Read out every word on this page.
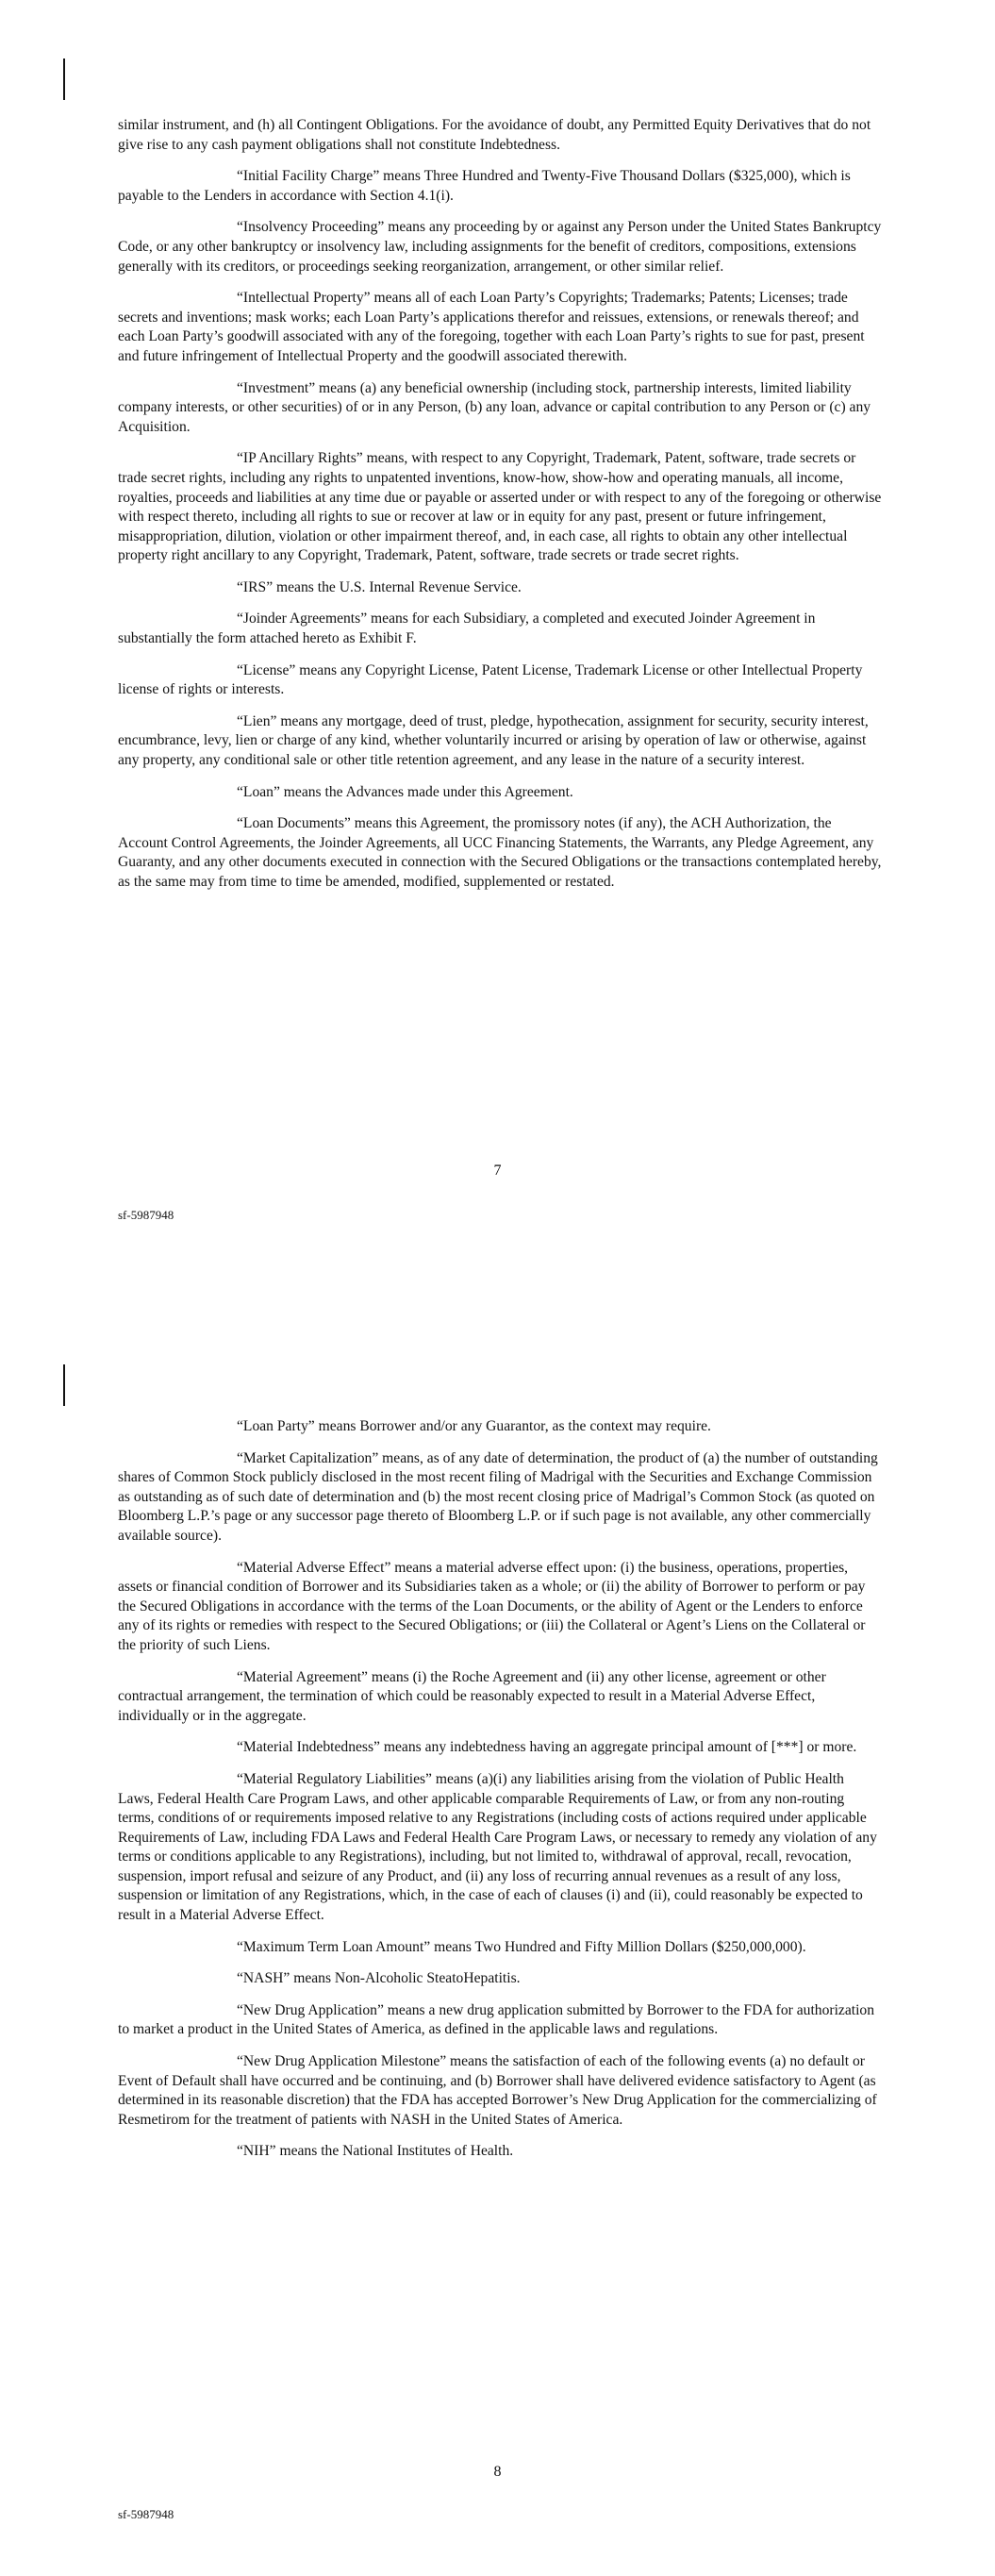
similar instrument, and (h) all Contingent Obligations. For the avoidance of doubt, any Permitted Equity Derivatives that do not give rise to any cash payment obligations shall not constitute Indebtedness.

“Initial Facility Charge” means Three Hundred and Twenty-Five Thousand Dollars ($325,000), which is payable to the Lenders in accordance with Section 4.1(i).

“Insolvency Proceeding” means any proceeding by or against any Person under the United States Bankruptcy Code, or any other bankruptcy or insolvency law, including assignments for the benefit of creditors, compositions, extensions generally with its creditors, or proceedings seeking reorganization, arrangement, or other similar relief.

“Intellectual Property” means all of each Loan Party’s Copyrights; Trademarks; Patents; Licenses; trade secrets and inventions; mask works; each Loan Party’s applications therefor and reissues, extensions, or renewals thereof; and each Loan Party’s goodwill associated with any of the foregoing, together with each Loan Party’s rights to sue for past, present and future infringement of Intellectual Property and the goodwill associated therewith.

“Investment” means (a) any beneficial ownership (including stock, partnership interests, limited liability company interests, or other securities) of or in any Person, (b) any loan, advance or capital contribution to any Person or (c) any Acquisition.

“IP Ancillary Rights” means, with respect to any Copyright, Trademark, Patent, software, trade secrets or trade secret rights, including any rights to unpatented inventions, know-how, show-how and operating manuals, all income, royalties, proceeds and liabilities at any time due or payable or asserted under or with respect to any of the foregoing or otherwise with respect thereto, including all rights to sue or recover at law or in equity for any past, present or future infringement, misappropriation, dilution, violation or other impairment thereof, and, in each case, all rights to obtain any other intellectual property right ancillary to any Copyright, Trademark, Patent, software, trade secrets or trade secret rights.

“IRS” means the U.S. Internal Revenue Service.

“Joinder Agreements” means for each Subsidiary, a completed and executed Joinder Agreement in substantially the form attached hereto as Exhibit F.

“License” means any Copyright License, Patent License, Trademark License or other Intellectual Property license of rights or interests.

“Lien” means any mortgage, deed of trust, pledge, hypothecation, assignment for security, security interest, encumbrance, levy, lien or charge of any kind, whether voluntarily incurred or arising by operation of law or otherwise, against any property, any conditional sale or other title retention agreement, and any lease in the nature of a security interest.

“Loan” means the Advances made under this Agreement.

“Loan Documents” means this Agreement, the promissory notes (if any), the ACH Authorization, the Account Control Agreements, the Joinder Agreements, all UCC Financing Statements, the Warrants, any Pledge Agreement, any Guaranty, and any other documents executed in connection with the Secured Obligations or the transactions contemplated hereby, as the same may from time to time be amended, modified, supplemented or restated.

7
sf-5987948

“Loan Party” means Borrower and/or any Guarantor, as the context may require.

“Market Capitalization” means, as of any date of determination, the product of (a) the number of outstanding shares of Common Stock publicly disclosed in the most recent filing of Madrigal with the Securities and Exchange Commission as outstanding as of such date of determination and (b) the most recent closing price of Madrigal’s Common Stock (as quoted on Bloomberg L.P.’s page or any successor page thereto of Bloomberg L.P. or if such page is not available, any other commercially available source).

“Material Adverse Effect” means a material adverse effect upon: (i) the business, operations, properties, assets or financial condition of Borrower and its Subsidiaries taken as a whole; or (ii) the ability of Borrower to perform or pay the Secured Obligations in accordance with the terms of the Loan Documents, or the ability of Agent or the Lenders to enforce any of its rights or remedies with respect to the Secured Obligations; or (iii) the Collateral or Agent’s Liens on the Collateral or the priority of such Liens.

“Material Agreement” means (i) the Roche Agreement and (ii) any other license, agreement or other contractual arrangement, the termination of which could be reasonably expected to result in a Material Adverse Effect, individually or in the aggregate.

“Material Indebtedness” means any indebtedness having an aggregate principal amount of [***] or more.

“Material Regulatory Liabilities” means (a)(i) any liabilities arising from the violation of Public Health Laws, Federal Health Care Program Laws, and other applicable comparable Requirements of Law, or from any non-routing terms, conditions of or requirements imposed relative to any Registrations (including costs of actions required under applicable Requirements of Law, including FDA Laws and Federal Health Care Program Laws, or necessary to remedy any violation of any terms or conditions applicable to any Registrations), including, but not limited to, withdrawal of approval, recall, revocation, suspension, import refusal and seizure of any Product, and (ii) any loss of recurring annual revenues as a result of any loss, suspension or limitation of any Registrations, which, in the case of each of clauses (i) and (ii), could reasonably be expected to result in a Material Adverse Effect.

“Maximum Term Loan Amount” means Two Hundred and Fifty Million Dollars ($250,000,000).

“NASH” means Non-Alcoholic SteatoHepatitis.

“New Drug Application” means a new drug application submitted by Borrower to the FDA for authorization to market a product in the United States of America, as defined in the applicable laws and regulations.

“New Drug Application Milestone” means the satisfaction of each of the following events (a) no default or Event of Default shall have occurred and be continuing, and (b) Borrower shall have delivered evidence satisfactory to Agent (as determined in its reasonable discretion) that the FDA has accepted Borrower’s New Drug Application for the commercializing of Resmetirom for the treatment of patients with NASH in the United States of America.

“NIH” means the National Institutes of Health.

8
sf-5987948
